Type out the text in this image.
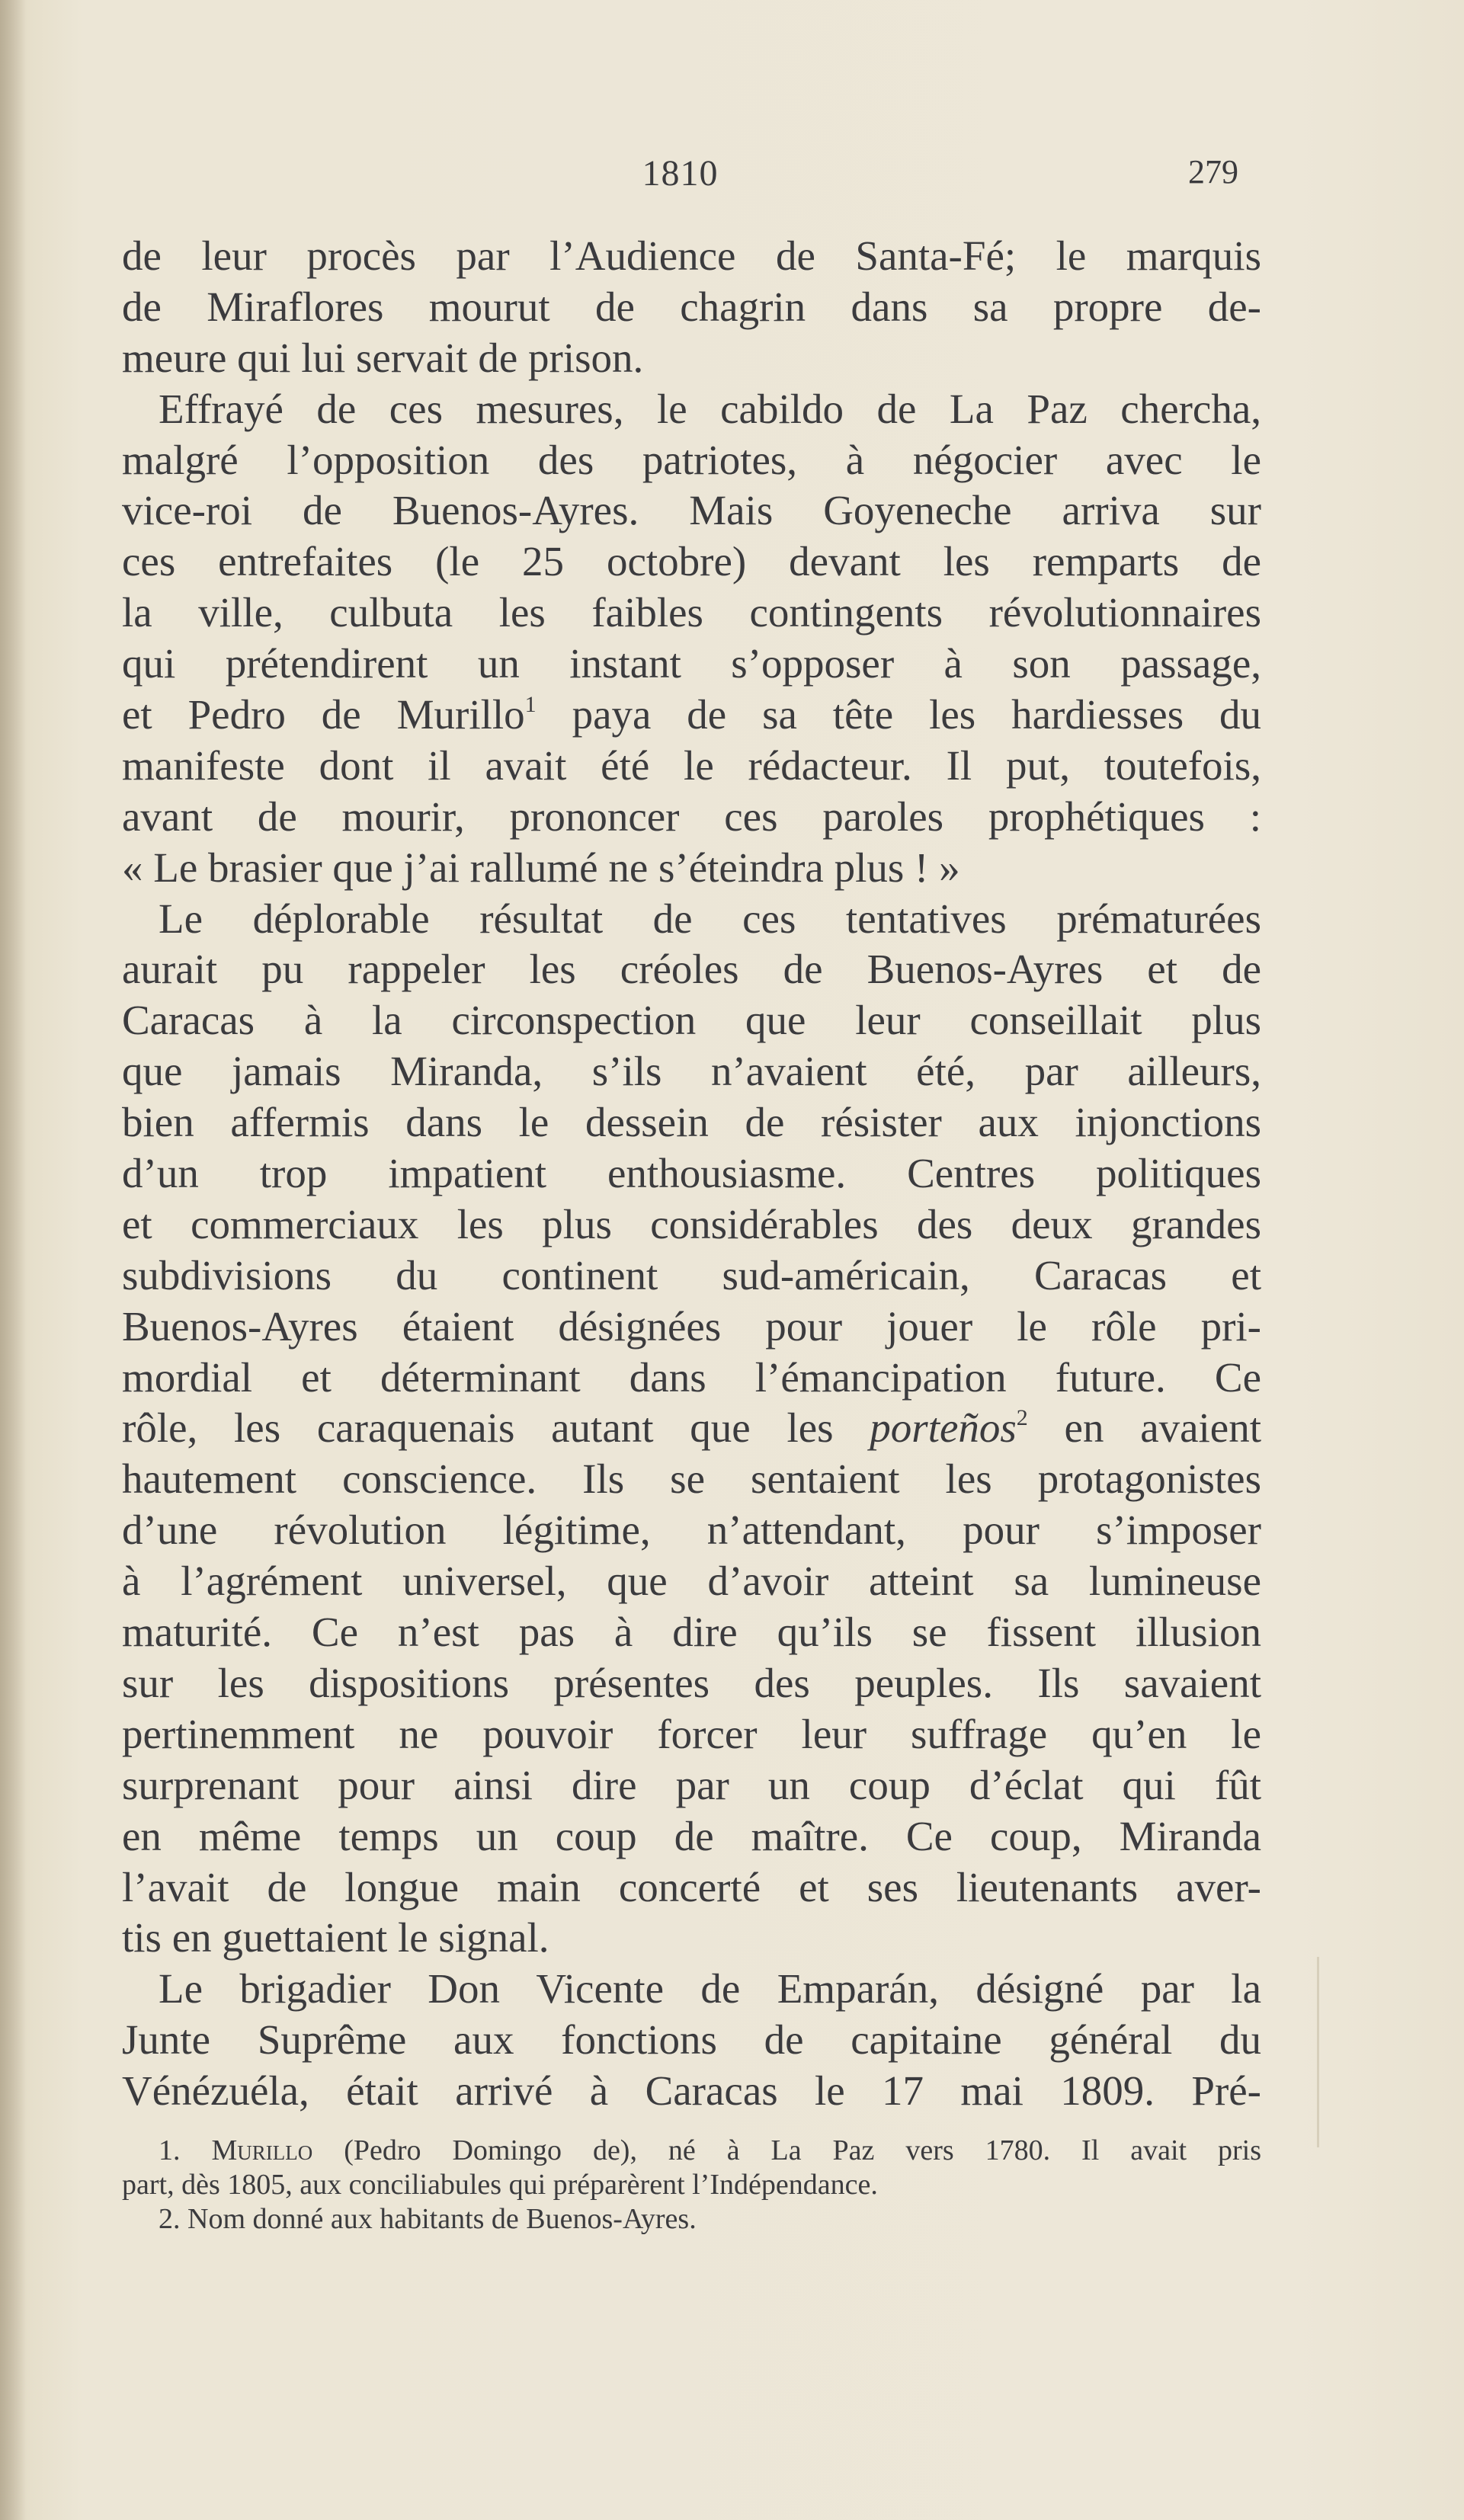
1810	279
de leur procès par l’Audience de Santa-Fé; le marquis
de Miraflores mourut de chagrin dans sa propre de-
meure qui lui servait de prison.
Effrayé de ces mesures, le cabildo de La Paz chercha,
malgré l’opposition des patriotes, à négocier avec le
vice-roi de Buenos-Ayres. Mais Goyeneche arriva sur
ces entrefaites (le 25 octobre) devant les remparts de
la ville, culbuta les faibles contingents révolutionnaires
qui prétendirent un instant s’opposer à son passage,
et Pedro de Murillo$^1$ paya de sa tête les hardiesses du
manifeste dont il avait été le rédacteur. Il put, toutefois,
avant de mourir, prononcer ces paroles prophétiques :
« Le brasier que j’ai rallumé ne s’éteindra plus ! »
Le déplorable résultat de ces tentatives prématurées
aurait pu rappeler les créoles de Buenos-Ayres et de
Caracas à la circonspection que leur conseillait plus
que jamais Miranda, s’ils n’avaient été, par ailleurs,
bien affermis dans le dessein de résister aux injonctions
d’un trop impatient enthousiasme. Centres politiques
et commerciaux les plus considérables des deux grandes
subdivisions du continent sud-américain, Caracas et
Buenos-Ayres étaient désignées pour jouer le rôle pri-
mordial et déterminant dans l’émancipation future. Ce
rôle, les caraquenais autant que les porteños$^2$ en avaient
hautement conscience. Ils se sentaient les protagonistes
d’une révolution légitime, n’attendant, pour s’imposer
à l’agrément universel, que d’avoir atteint sa lumineuse
maturité. Ce n’est pas à dire qu’ils se fissent illusion
sur les dispositions présentes des peuples. Ils savaient
pertinemment ne pouvoir forcer leur suffrage qu’en le
surprenant pour ainsi dire par un coup d’éclat qui fût
en même temps un coup de maître. Ce coup, Miranda
l’avait de longue main concerté et ses lieutenants aver-
tis en guettaient le signal.
Le brigadier Don Vicente de Emparán, désigné par la
Junte Suprême aux fonctions de capitaine général du
Vénézuéla, était arrivé à Caracas le 17 mai 1809. Pré-
1. Murillo (Pedro Domingo de), né à La Paz vers 1780. Il avait pris
part, dès 1805, aux conciliabules qui préparèrent l’Indépendance.
2. Nom donné aux habitants de Buenos-Ayres.
